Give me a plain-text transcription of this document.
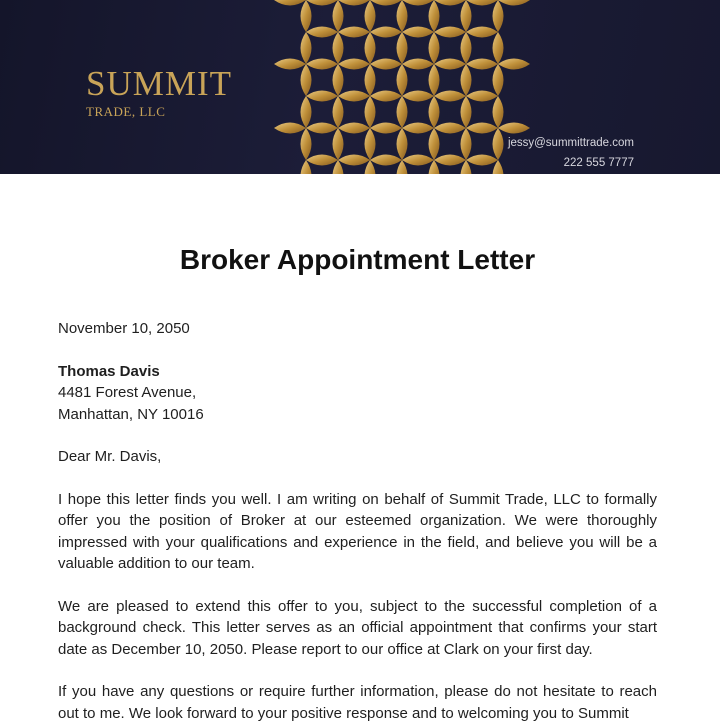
SUMMIT
TRADE, LLC
jessy@summittrade.com
222 555 7777
Broker Appointment Letter

November 10, 2050

Thomas Davis

4481 Forest Avenue,

Manhattan, NY 10016

Dear Mr. Davis,

I hope this letter finds you well. I am writing on behalf of Summit Trade, LLC to formally offer you the position of Broker at our esteemed organization. We were thoroughly impressed with your qualifications and experience in the field, and believe you will be a valuable addition to our team.

We are pleased to extend this offer to you, subject to the successful completion of a background check. This letter serves as an official appointment that confirms your start date as December 10, 2050. Please report to our office at Clark on your first day.

If you have any questions or require further information, please do not hesitate to reach out to me. We look forward to your positive response and to welcoming you to Summit
